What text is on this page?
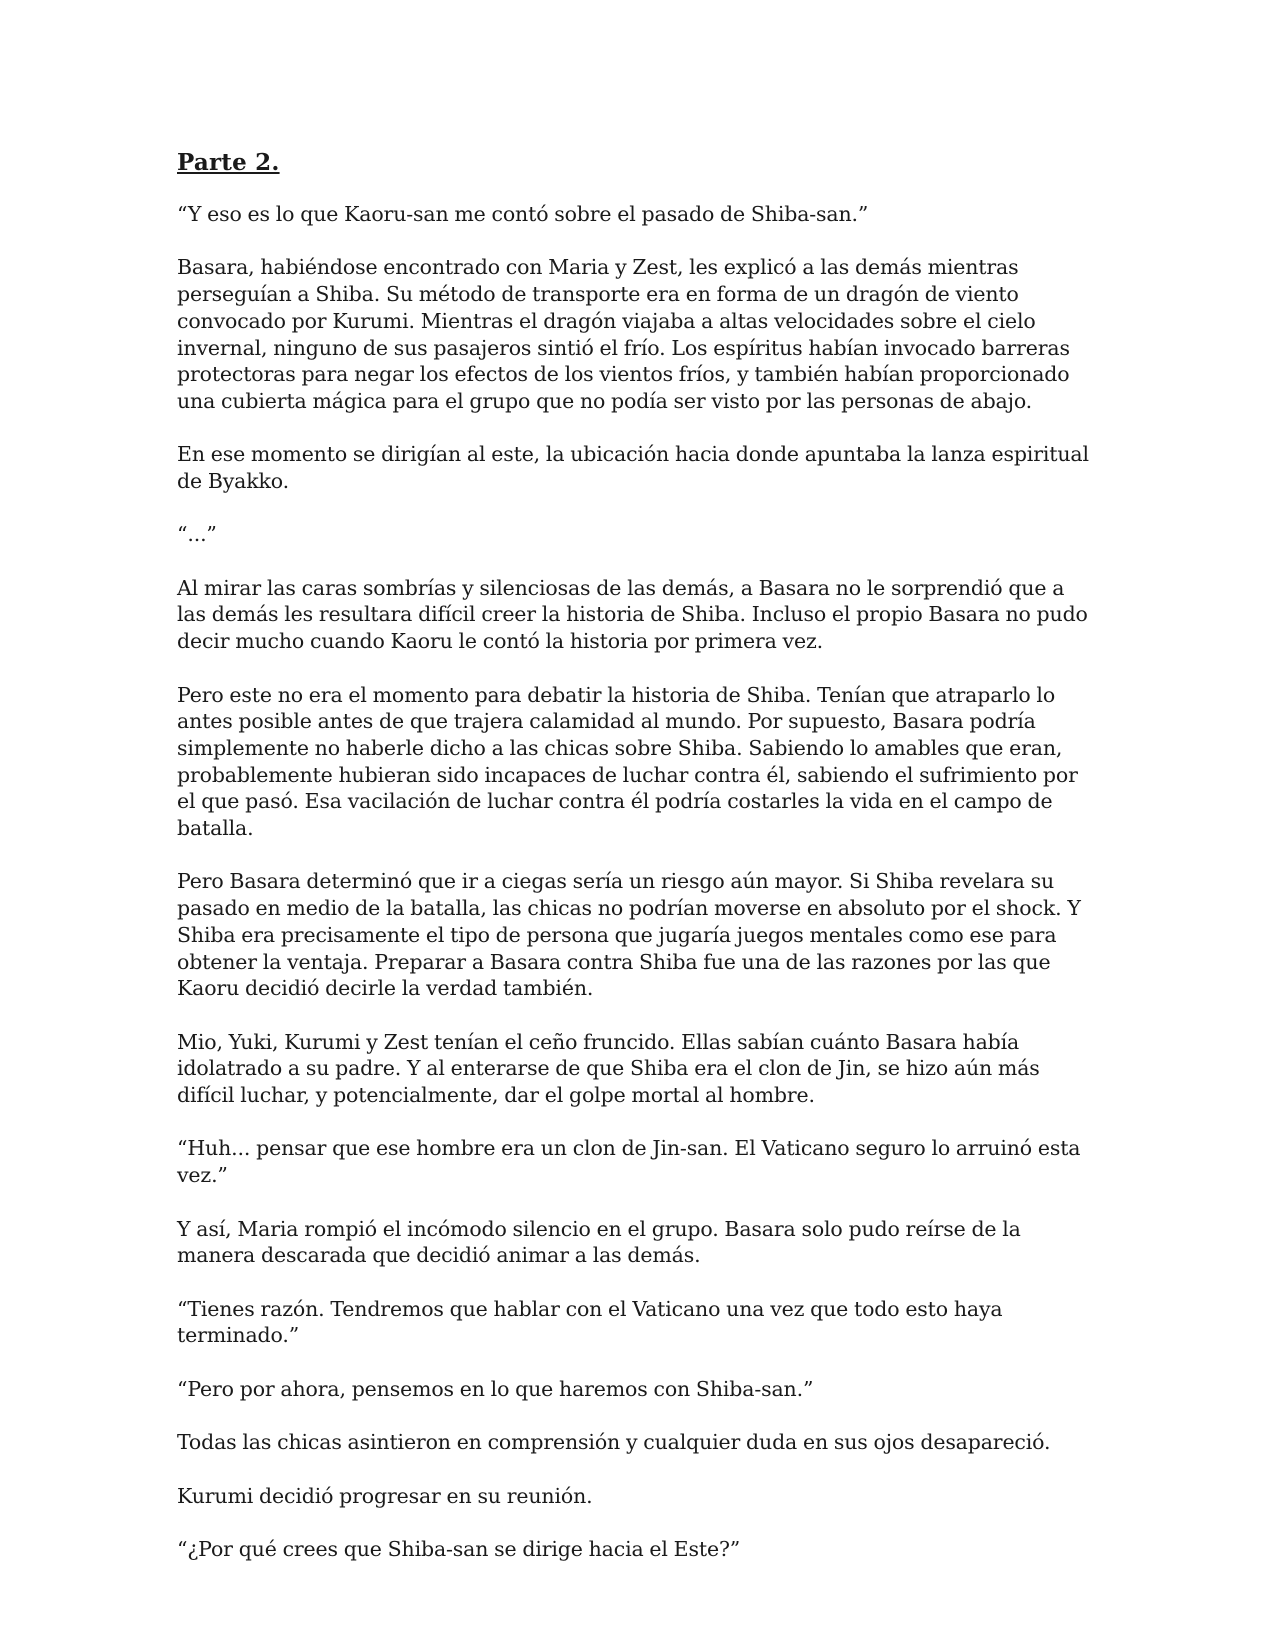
Parte 2.

“Y eso es lo que Kaoru-san me contó sobre el pasado de Shiba-san.”

Basara, habiéndose encontrado con Maria y Zest, les explicó a las demás mientras perseguían a Shiba. Su método de transporte era en forma de un dragón de viento convocado por Kurumi. Mientras el dragón viajaba a altas velocidades sobre el cielo invernal, ninguno de sus pasajeros sintió el frío. Los espíritus habían invocado barreras protectoras para negar los efectos de los vientos fríos, y también habían proporcionado una cubierta mágica para el grupo que no podía ser visto por las personas de abajo.

En ese momento se dirigían al este, la ubicación hacia donde apuntaba la lanza espiritual de Byakko.

“...”

Al mirar las caras sombrías y silenciosas de las demás, a Basara no le sorprendió que a las demás les resultara difícil creer la historia de Shiba. Incluso el propio Basara no pudo decir mucho cuando Kaoru le contó la historia por primera vez.

Pero este no era el momento para debatir la historia de Shiba. Tenían que atraparlo lo antes posible antes de que trajera calamidad al mundo. Por supuesto, Basara podría simplemente no haberle dicho a las chicas sobre Shiba. Sabiendo lo amables que eran, probablemente hubieran sido incapaces de luchar contra él, sabiendo el sufrimiento por el que pasó. Esa vacilación de luchar contra él podría costarles la vida en el campo de batalla.

Pero Basara determinó que ir a ciegas sería un riesgo aún mayor. Si Shiba revelara su pasado en medio de la batalla, las chicas no podrían moverse en absoluto por el shock. Y Shiba era precisamente el tipo de persona que jugaría juegos mentales como ese para obtener la ventaja. Preparar a Basara contra Shiba fue una de las razones por las que Kaoru decidió decirle la verdad también.

Mio, Yuki, Kurumi y Zest tenían el ceño fruncido. Ellas sabían cuánto Basara había idolatrado a su padre. Y al enterarse de que Shiba era el clon de Jin, se hizo aún más difícil luchar, y potencialmente, dar el golpe mortal al hombre.

“Huh... pensar que ese hombre era un clon de Jin-san. El Vaticano seguro lo arruinó esta vez.”

Y así, Maria rompió el incómodo silencio en el grupo. Basara solo pudo reírse de la manera descarada que decidió animar a las demás.

“Tienes razón. Tendremos que hablar con el Vaticano una vez que todo esto haya terminado.”

“Pero por ahora, pensemos en lo que haremos con Shiba-san.”

Todas las chicas asintieron en comprensión y cualquier duda en sus ojos desapareció.

Kurumi decidió progresar en su reunión.

“¿Por qué crees que Shiba-san se dirige hacia el Este?”
